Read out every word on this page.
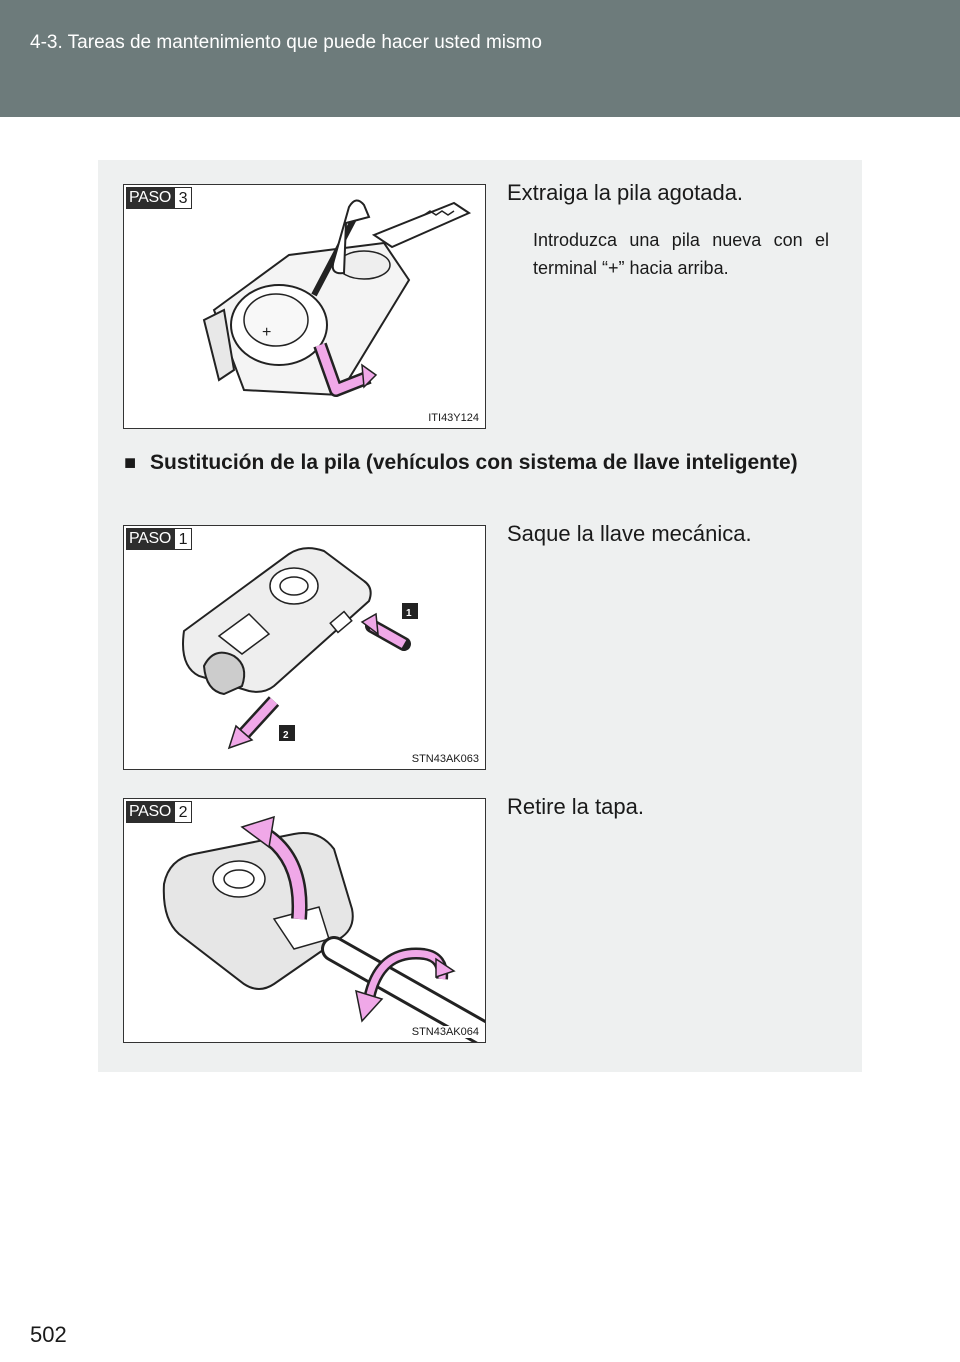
4-3. Tareas de mantenimiento que puede hacer usted mismo
+
PASO 3
ITI43Y124
Extraiga la pila agotada.
Introduzca una pila nueva con el terminal “+” hacia arriba.
■ Sustitución de la pila (vehículos con sistema de llave inteligente)
1
2
PASO 1
STN43AK063
Saque la llave mecánica.
PASO 2
STN43AK064
Retire la tapa.
502
